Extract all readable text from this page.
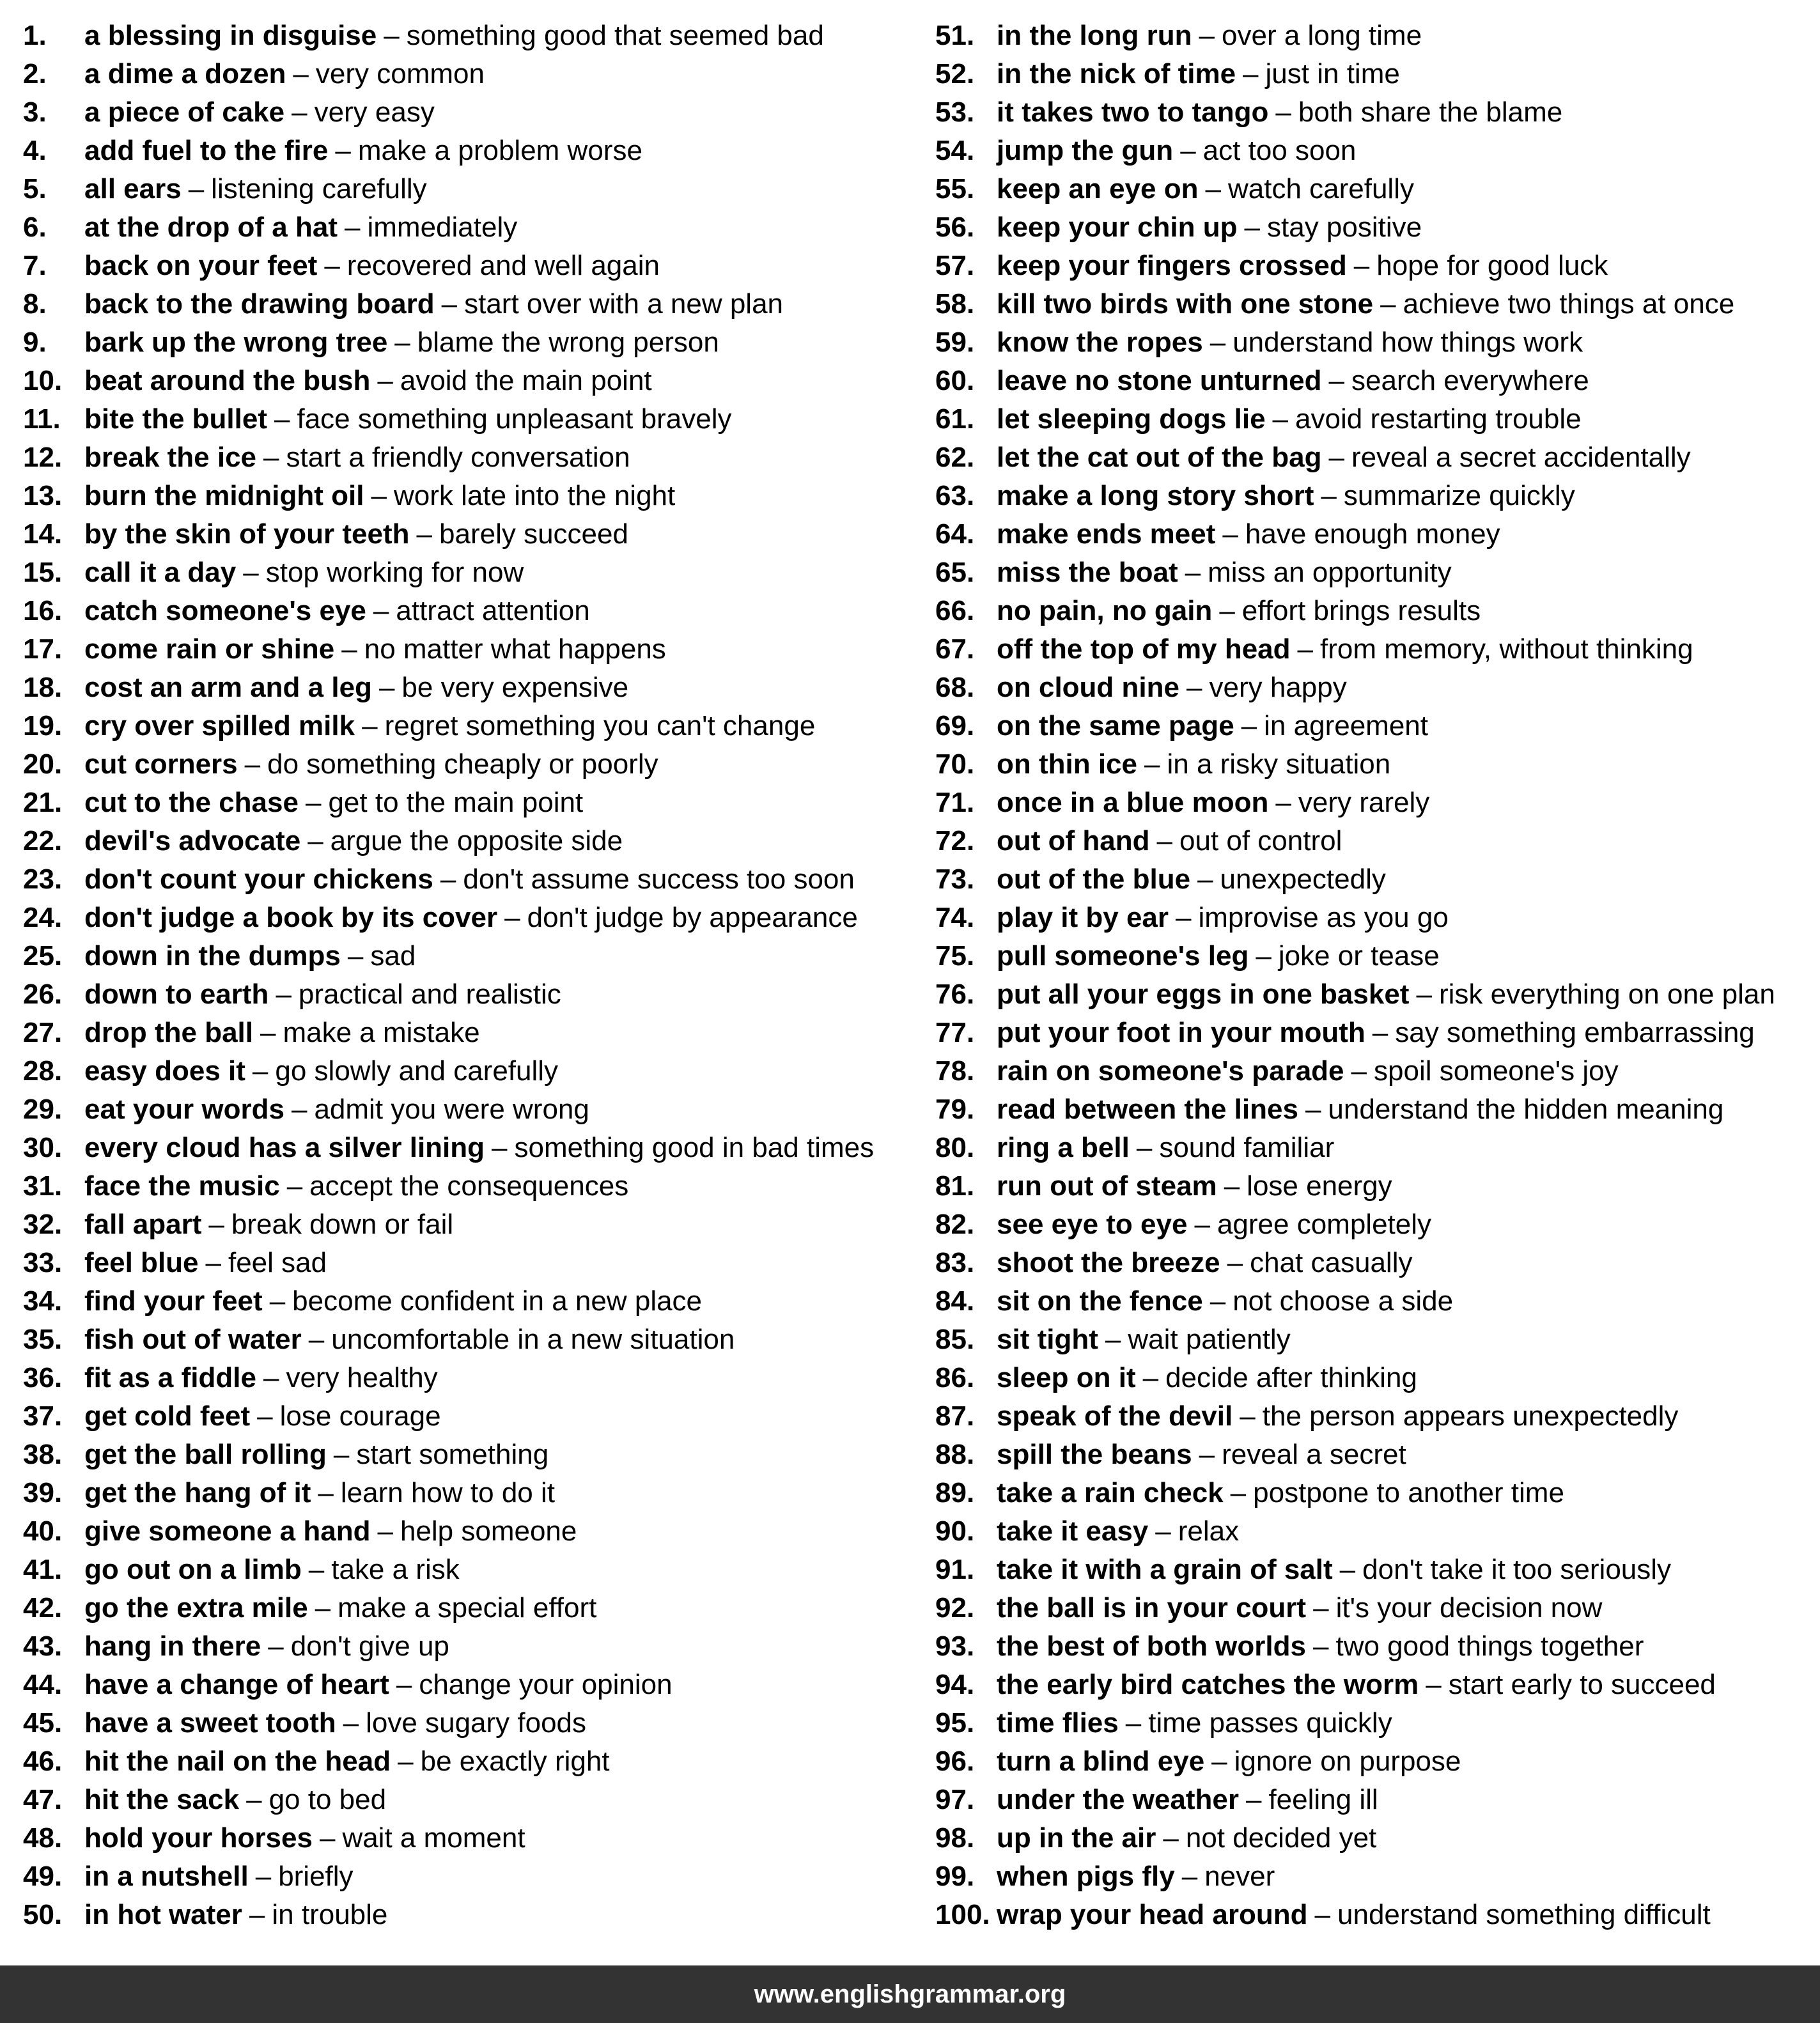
1.	a blessing in disguise – something good that seemed bad
2.	a dime a dozen – very common
3.	a piece of cake – very easy
4.	add fuel to the fire – make a problem worse
5.	all ears – listening carefully
6.	at the drop of a hat – immediately
7.	back on your feet – recovered and well again
8.	back to the drawing board – start over with a new plan
9.	bark up the wrong tree – blame the wrong person
10. beat around the bush – avoid the main point
11. bite the bullet – face something unpleasant bravely
12. break the ice – start a friendly conversation
13. burn the midnight oil – work late into the night
14. by the skin of your teeth – barely succeed
15. call it a day – stop working for now
16. catch someone's eye – attract attention
17. come rain or shine – no matter what happens
18. cost an arm and a leg – be very expensive
19. cry over spilled milk – regret something you can't change
20. cut corners – do something cheaply or poorly
21. cut to the chase – get to the main point
22. devil's advocate – argue the opposite side
23. don't count your chickens – don't assume success too soon
24. don't judge a book by its cover – don't judge by appearance
25. down in the dumps – sad
26. down to earth – practical and realistic
27. drop the ball – make a mistake
28. easy does it – go slowly and carefully
29. eat your words – admit you were wrong
30. every cloud has a silver lining – something good in bad times
31. face the music – accept the consequences
32. fall apart – break down or fail
33. feel blue – feel sad
34. find your feet – become confident in a new place
35. fish out of water – uncomfortable in a new situation
36. fit as a fiddle – very healthy
37. get cold feet – lose courage
38. get the ball rolling – start something
39. get the hang of it – learn how to do it
40. give someone a hand – help someone
41. go out on a limb – take a risk
42. go the extra mile – make a special effort
43. hang in there – don't give up
44. have a change of heart – change your opinion
45. have a sweet tooth – love sugary foods
46. hit the nail on the head – be exactly right
47. hit the sack – go to bed
48. hold your horses – wait a moment
49. in a nutshell – briefly
50. in hot water – in trouble
51. in the long run – over a long time
52. in the nick of time – just in time
53. it takes two to tango – both share the blame
54. jump the gun – act too soon
55. keep an eye on – watch carefully
56. keep your chin up – stay positive
57. keep your fingers crossed – hope for good luck
58. kill two birds with one stone – achieve two things at once
59. know the ropes – understand how things work
60. leave no stone unturned – search everywhere
61. let sleeping dogs lie – avoid restarting trouble
62. let the cat out of the bag – reveal a secret accidentally
63. make a long story short – summarize quickly
64. make ends meet – have enough money
65. miss the boat – miss an opportunity
66. no pain, no gain – effort brings results
67. off the top of my head – from memory, without thinking
68. on cloud nine – very happy
69. on the same page – in agreement
70. on thin ice – in a risky situation
71. once in a blue moon – very rarely
72. out of hand – out of control
73. out of the blue – unexpectedly
74. play it by ear – improvise as you go
75. pull someone's leg – joke or tease
76. put all your eggs in one basket – risk everything on one plan
77. put your foot in your mouth – say something embarrassing
78. rain on someone's parade – spoil someone's joy
79. read between the lines – understand the hidden meaning
80. ring a bell – sound familiar
81. run out of steam – lose energy
82. see eye to eye – agree completely
83. shoot the breeze – chat casually
84. sit on the fence – not choose a side
85. sit tight – wait patiently
86. sleep on it – decide after thinking
87. speak of the devil – the person appears unexpectedly
88. spill the beans – reveal a secret
89. take a rain check – postpone to another time
90. take it easy – relax
91. take it with a grain of salt – don't take it too seriously
92. the ball is in your court – it's your decision now
93. the best of both worlds – two good things together
94. the early bird catches the worm – start early to succeed
95. time flies – time passes quickly
96. turn a blind eye – ignore on purpose
97. under the weather – feeling ill
98. up in the air – not decided yet
99. when pigs fly – never
100. wrap your head around – understand something difficult
www.englishgrammar.org
